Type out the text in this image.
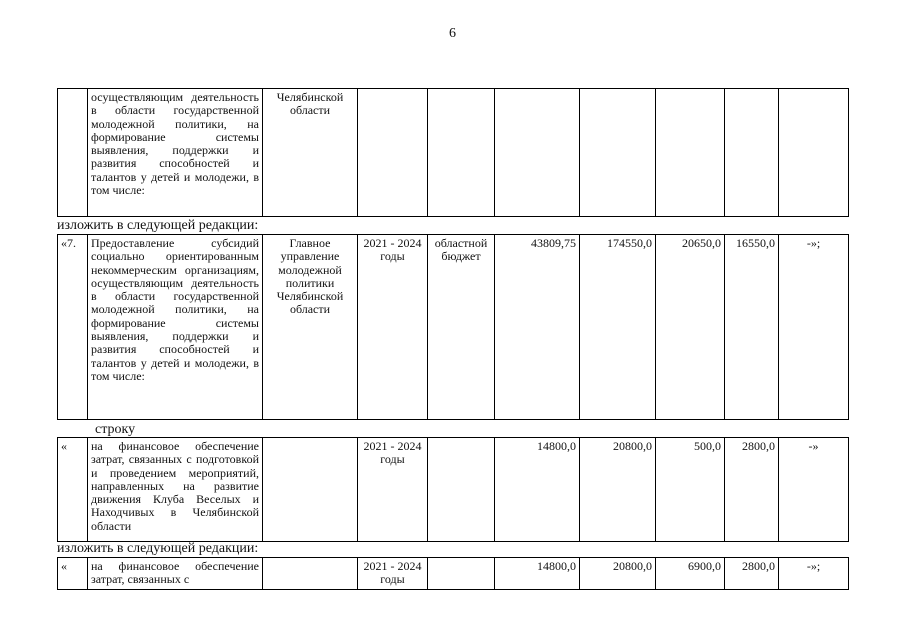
6
	осуществляющим деятельность в области государственной молодежной политики, на формирование системы выявления, поддержки и развития способностей и талантов у детей и молодежи, в том числе:	Челябинской области							
изложить в следующей редакции:
«7.	Предоставление субсидий социально ориентированным некоммерческим организациям, осуществляющим деятельность в области государственной молодежной политики, на формирование системы выявления, поддержки и развития способностей и талантов у детей и молодежи, в том числе:	Главное управление молодежной политики Челябинской области	2021 - 2024 годы	областной бюджет	43809,75	174550,0	20650,0	16550,0	-»;
строку
«	на финансовое обеспечение затрат, связанных с подготовкой и проведением мероприятий, направленных на развитие движения Клуба Веселых и Находчивых в Челябинской области		2021 - 2024 годы		14800,0	20800,0	500,0	2800,0	-»
изложить в следующей редакции:
«	на финансовое обеспечение затрат, связанных с		2021 - 2024 годы		14800,0	20800,0	6900,0	2800,0	-»;
